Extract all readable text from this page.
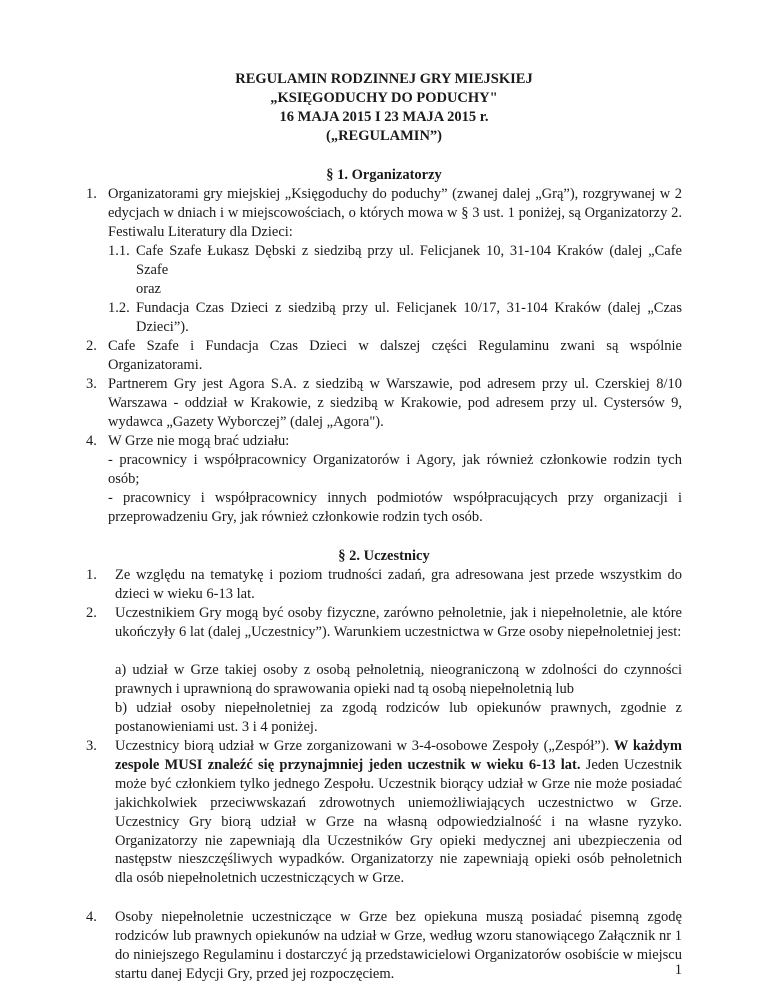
REGULAMIN RODZINNEJ GRY MIEJSKIEJ
„KSIĘGODUCHY DO PODUCHY"
16 MAJA 2015 I 23 MAJA 2015 r.
(„REGULAMIN”)
§ 1. Organizatorzy
1. Organizatorami gry miejskiej „Księgoduchy do poduchy” (zwanej dalej „Grą”), rozgrywanej w 2 edycjach w dniach i w miejscowościach, o których mowa w § 3 ust. 1 poniżej, są Organizatorzy 2. Festiwalu Literatury dla Dzieci:
1.1. Cafe Szafe Łukasz Dębski z siedzibą przy ul. Felicjanek 10, 31-104 Kraków (dalej „Cafe Szafe
oraz
1.2. Fundacja Czas Dzieci z siedzibą przy ul. Felicjanek 10/17, 31-104 Kraków (dalej „Czas Dzieci”).
2. Cafe Szafe i Fundacja Czas Dzieci w dalszej części Regulaminu zwani są wspólnie Organizatorami.
3. Partnerem Gry jest Agora S.A. z siedzibą w Warszawie, pod adresem przy ul. Czerskiej 8/10 Warszawa - oddział w Krakowie, z siedzibą w Krakowie, pod adresem przy ul. Cystersów 9, wydawca „Gazety Wyborczej” (dalej „Agora").
4. W Grze nie mogą brać udziału:
- pracownicy i współpracownicy Organizatorów i Agory, jak również członkowie rodzin tych osób;
- pracownicy i współpracownicy innych podmiotów współpracujących przy organizacji i przeprowadzeniu Gry, jak również członkowie rodzin tych osób.
§ 2. Uczestnicy
1. Ze względu na tematykę i poziom trudności zadań, gra adresowana jest przede wszystkim do dzieci w wieku 6-13 lat.
2. Uczestnikiem Gry mogą być osoby fizyczne, zarówno pełnoletnie, jak i niepełnoletnie, ale które ukończyły 6 lat (dalej „Uczestnicy”). Warunkiem uczestnictwa w Grze osoby niepełnoletniej jest:
a) udział w Grze takiej osoby z osobą pełnoletnią, nieograniczoną w zdolności do czynności prawnych i uprawnioną do sprawowania opieki nad tą osobą niepełnoletnią lub
b) udział osoby niepełnoletniej za zgodą rodziców lub opiekunów prawnych, zgodnie z postanowieniami ust. 3 i 4 poniżej.
3. Uczestnicy biorą udział w Grze zorganizowani w 3-4-osobowe Zespoły („Zespół”). W każdym zespole MUSI znaleźć się przynajmniej jeden uczestnik w wieku 6-13 lat. Jeden Uczestnik może być członkiem tylko jednego Zespołu. Uczestnik biorący udział w Grze nie może posiadać jakichkolwiek przeciwwskazań zdrowotnych uniemożliwiających uczestnictwo w Grze. Uczestnicy Gry biorą udział w Grze na własną odpowiedzialność i na własne ryzyko. Organizatorzy nie zapewniają dla Uczestników Gry opieki medycznej ani ubezpieczenia od następstw nieszczęśliwych wypadków. Organizatorzy nie zapewniają opieki osób pełnoletnich dla osób niepełnoletnich uczestniczących w Grze.
4. Osoby niepełnoletnie uczestniczące w Grze bez opiekuna muszą posiadać pisemną zgodę rodziców lub prawnych opiekunów na udział w Grze, według wzoru stanowiącego Załącznik nr 1 do niniejszego Regulaminu i dostarczyć ją przedstawicielowi Organizatorów osobiście w miejscu startu danej Edycji Gry, przed jej rozpoczęciem.	1
